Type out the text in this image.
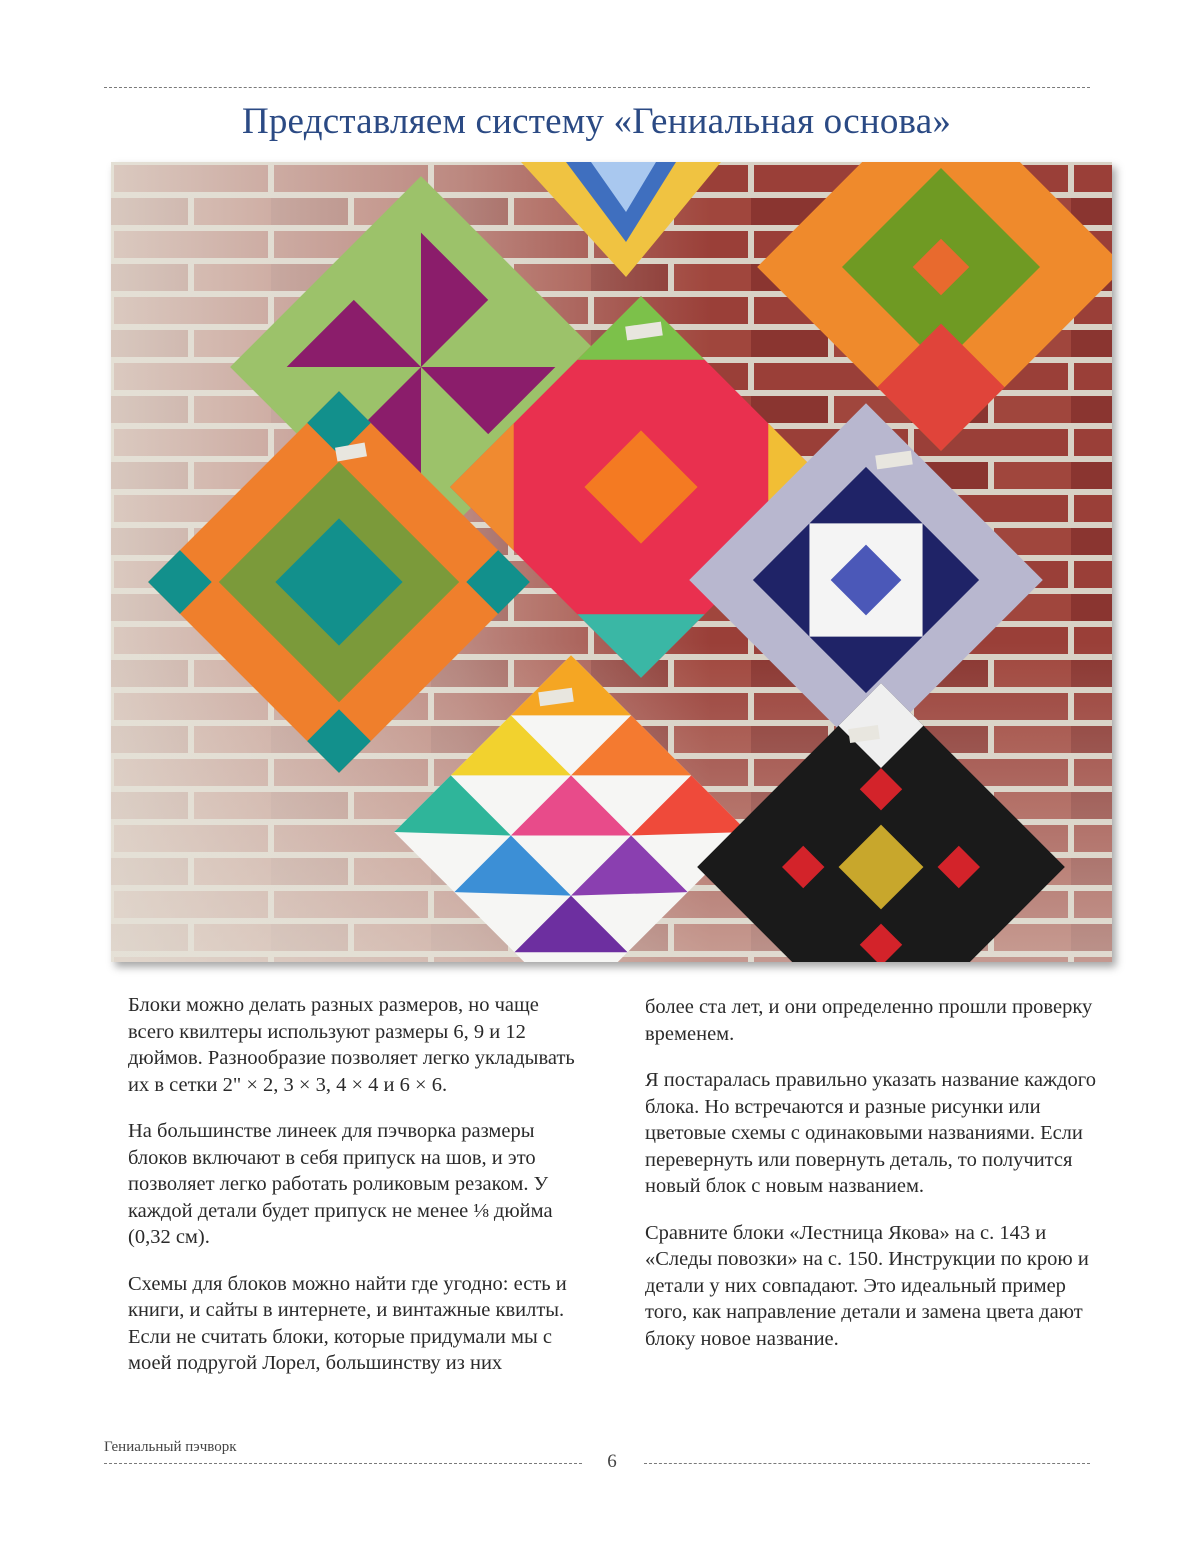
Представляем систему «Гениальная основа»

Блоки можно делать разных размеров, но чаще всего квилтеры используют размеры 6, 9 и 12 дюймов. Разнообразие позволяет легко укладывать их в сетки 2" × 2, 3 × 3, 4 × 4 и 6 × 6.

На большинстве линеек для пэчворка размеры блоков включают в себя припуск на шов, и это позволяет легко работать роликовым резаком. У каждой детали будет припуск не менее ⅛ дюйма (0,32 см).

Схемы для блоков можно найти где угодно: есть и книги, и сайты в интернете, и винтажные квилты. Если не считать блоки, которые придумали мы с моей подругой Лорел, большинству из них

более ста лет, и они определенно прошли проверку временем.

Я постаралась правильно указать название каждого блока. Но встречаются и разные рисунки или цветовые схемы с одинаковыми названиями. Если перевернуть или повернуть деталь, то получится новый блок с новым названием.

Сравните блоки «Лестница Якова» на с. 143 и «Следы повозки» на с. 150. Инструкции по крою и детали у них совпадают. Это идеальный пример того, как направление детали и замена цвета дают блоку новое название.

Гениальный пэчворк
6
